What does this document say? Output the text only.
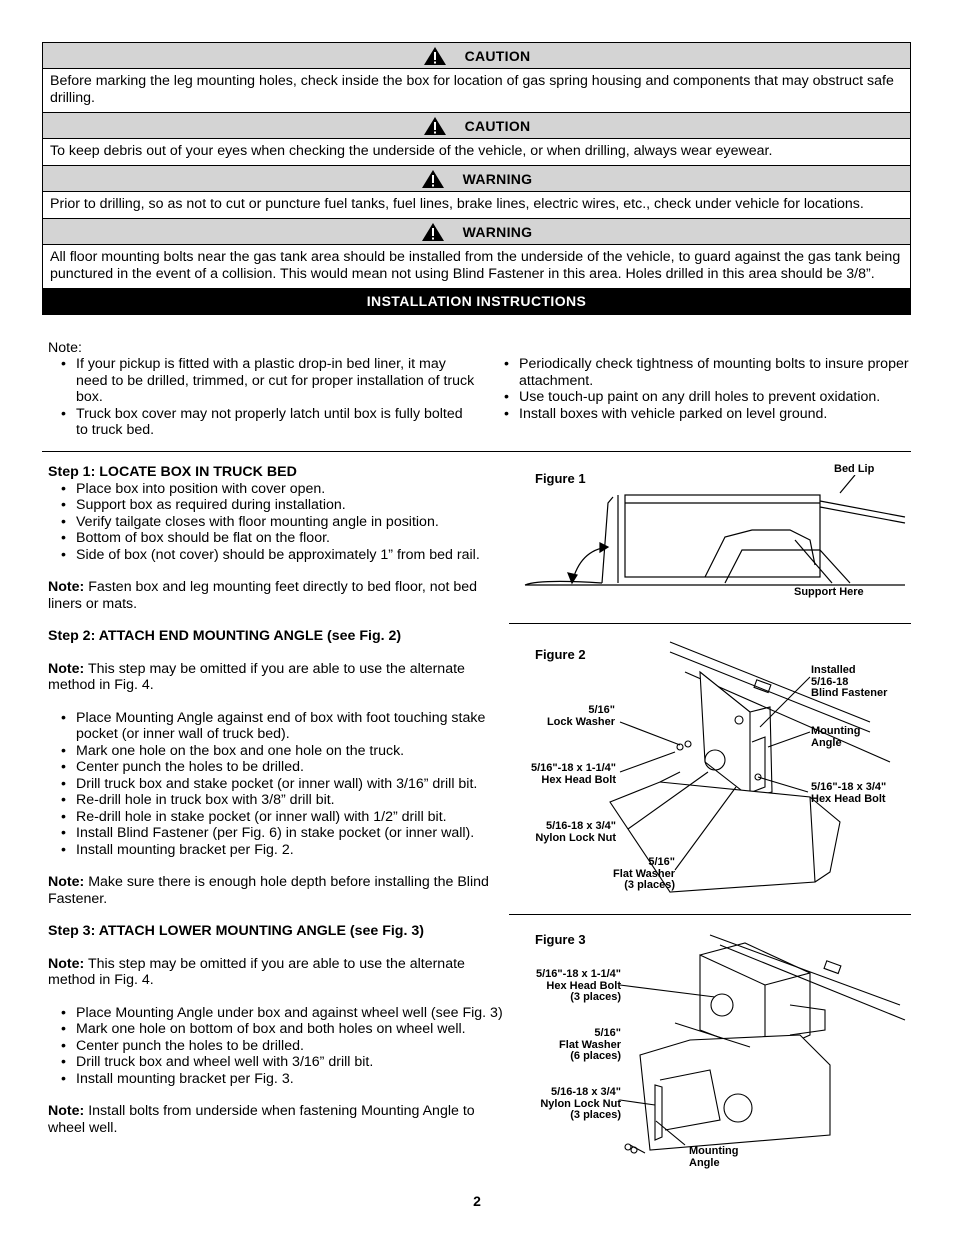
CAUTION
Before marking the leg mounting holes, check inside the box for location of gas spring housing and components that may obstruct safe drilling.
CAUTION
To keep debris out of your eyes when checking the underside of the vehicle, or when drilling, always wear eyewear.
WARNING
Prior to drilling, so as not to cut or puncture fuel tanks, fuel lines, brake lines, electric wires, etc., check under vehicle for locations.
WARNING
All floor mounting bolts near the gas tank area should be installed from the underside of the vehicle, to guard against the gas tank being punctured in the event of a collision. This would mean not using Blind Fastener in this area. Holes drilled in this area should be 3/8”.
INSTALLATION INSTRUCTIONS
Note:
• If your pickup is fitted with a plastic drop-in bed liner, it may need to be drilled, trimmed, or cut for proper installation of truck box.
• Truck box cover may not properly latch until box is fully bolted to truck bed.
• Periodically check tightness of mounting bolts to insure proper attachment.
• Use touch-up paint on any drill holes to prevent oxidation.
• Install boxes with vehicle parked on level ground.
Step 1: LOCATE BOX IN TRUCK BED
• Place box into position with cover open.
• Support box as required during installation.
• Verify tailgate closes with floor mounting angle in position.
• Bottom of box should be flat on the floor.
• Side of box (not cover) should be approximately 1” from bed rail.
Note: Fasten box and leg mounting feet directly to bed floor, not bed liners or mats.
Step 2: ATTACH END MOUNTING ANGLE (see Fig. 2)
Note: This step may be omitted if you are able to use the alternate method in Fig. 4.
• Place Mounting Angle against end of box with foot touching stake pocket (or inner wall of truck bed).
• Mark one hole on the box and one hole on the truck.
• Center punch the holes to be drilled.
• Drill truck box and stake pocket (or inner wall) with 3/16” drill bit.
• Re-drill hole in truck box with 3/8” drill bit.
• Re-drill hole in stake pocket (or inner wall) with 1/2” drill bit.
• Install Blind Fastener (per Fig. 6) in stake pocket (or inner wall).
• Install mounting bracket per Fig. 2.
Note: Make sure there is enough hole depth before installing the Blind Fastener.
Step 3: ATTACH LOWER MOUNTING ANGLE (see Fig. 3)
Note: This step may be omitted if you are able to use the alternate method in Fig. 4.
• Place Mounting Angle under box and against wheel well (see Fig. 3)
• Mark one hole on bottom of box and both holes on wheel well.
• Center punch the holes to be drilled.
• Drill truck box and wheel well with 3/16” drill bit.
• Install mounting bracket per Fig. 3.
Note: Install bolts from underside when fastening Mounting Angle to wheel well.
Figure 1
Bed Lip
Support Here
Figure 2
Installed
5/16-18
Blind Fastener
5/16"
Lock Washer
Mounting
Angle
5/16"-18 x 1-1/4"
Hex Head Bolt
5/16"-18 x 3/4"
Hex Head Bolt
5/16-18 x 3/4"
Nylon Lock Nut
5/16"
Flat Washer
(3 places)
Figure 3
5/16"-18 x 1-1/4"
Hex Head Bolt
(3 places)
5/16"
Flat Washer
(6 places)
5/16-18 x 3/4"
Nylon Lock Nut
(3 places)
Mounting
Angle
2
